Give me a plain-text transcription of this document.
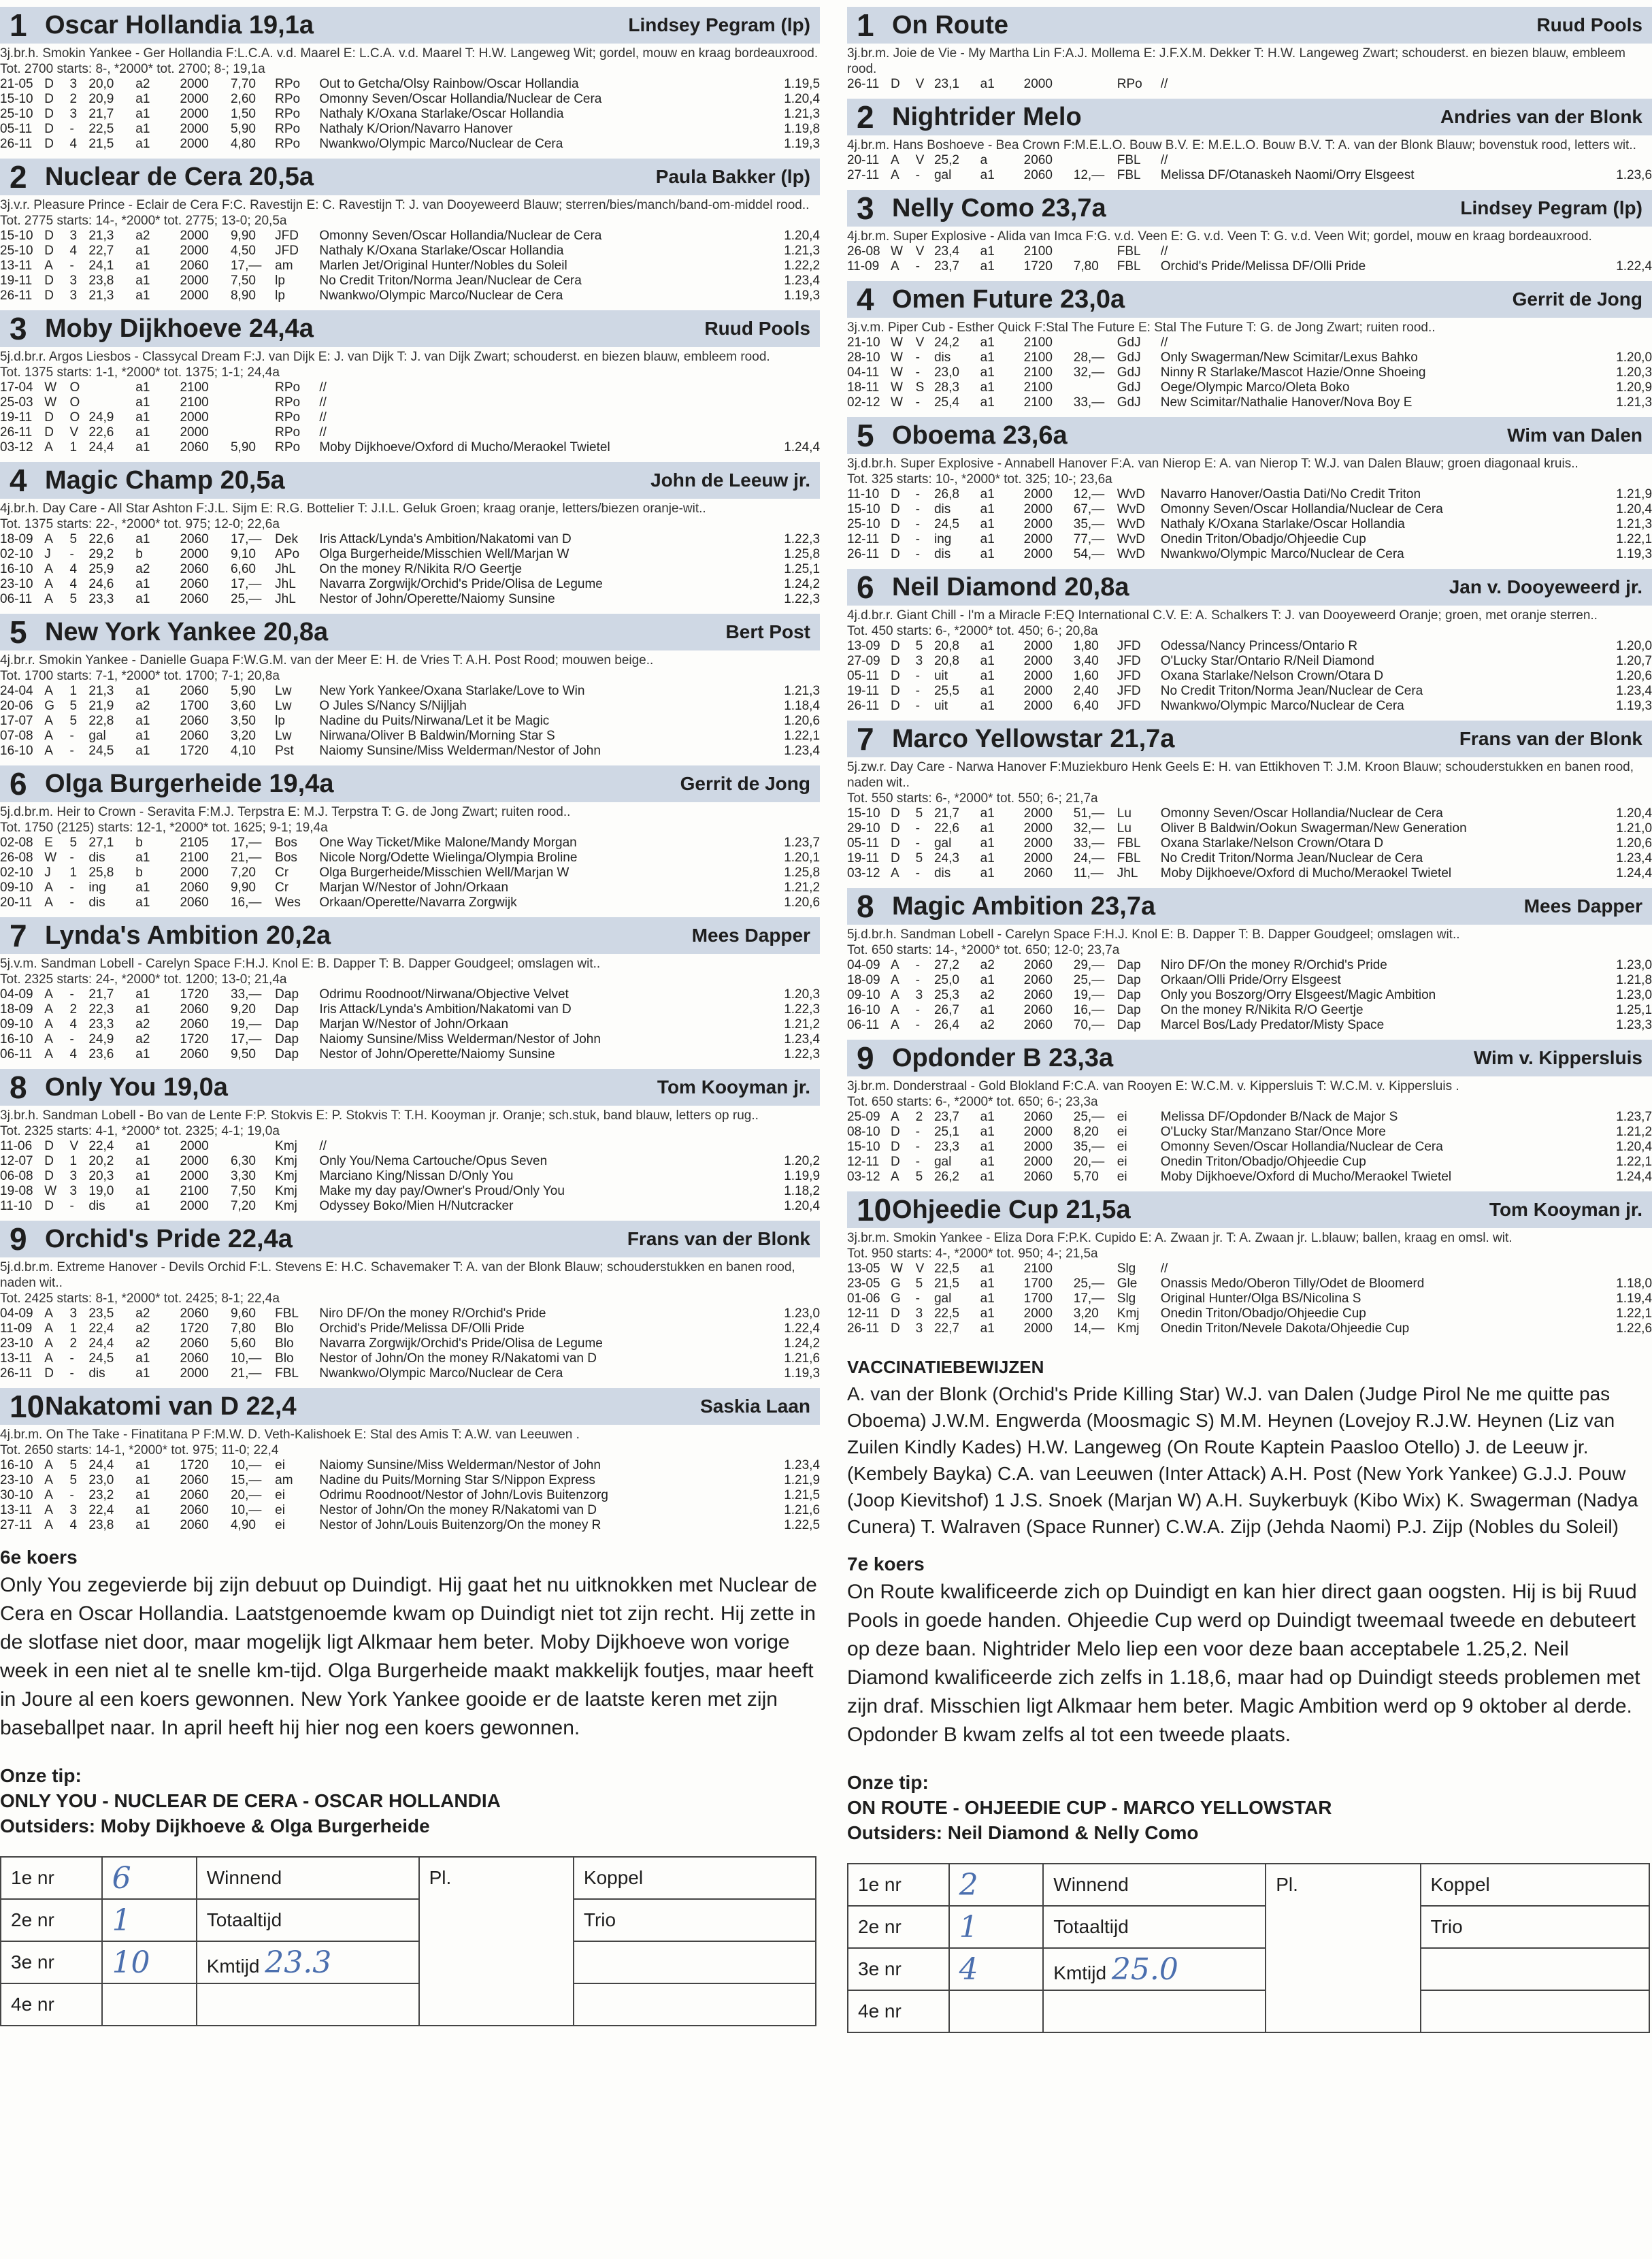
1 Oscar Hollandia 19,1a	Lindsey Pegram (lp)
3j.br.h. Smokin Yankee - Ger Hollandia F:L.C.A. v.d. Maarel E: L.C.A. v.d. Maarel T: H.W. Langeweg Wit; gordel, mouw en kraag bordeauxrood.
Tot. 2700 starts: 8-, *2000* tot. 2700; 8-; 19,1a
21-05 D	3 20,0	a2	2000	7,70	RPo	Out to Getcha/Olsy Rainbow/Oscar Hollandia	1.19,5
15-10 D	2 20,9	a1	2000	2,60	RPo	Omonny Seven/Oscar Hollandia/Nuclear de Cera	1.20,4
25-10 D	3 21,7	a1	2000	1,50	RPo	Nathaly K/Oxana Starlake/Oscar Hollandia	1.21,3
05-11 D	-	22,5	a1	2000	5,90	RPo	Nathaly K/Orion/Navarro Hanover	1.19,8
26-11 D	4 21,5	a1	2000	4,80	RPo	Nwankwo/Olympic Marco/Nuclear de Cera	1.19,3
2 Nuclear de Cera 20,5a	Paula Bakker (lp)
3j.v.r. Pleasure Prince - Eclair de Cera F:C. Ravestijn E: C. Ravestijn T: J. van Dooyeweerd Blauw; sterren/bies/manch/band-om-middel rood..
Tot. 2775 starts: 14-, *2000* tot. 2775; 13-0; 20,5a
15-10 D	3 21,3	a2	2000	9,90	JFD	Omonny Seven/Oscar Hollandia/Nuclear de Cera	1.20,4
25-10 D	4 22,7	a1	2000	4,50	JFD	Nathaly K/Oxana Starlake/Oscar Hollandia	1.21,3
13-11 A	-	24,1	a1	2060	17,—	am	Marlen Jet/Original Hunter/Nobles du Soleil	1.22,2
19-11 D	3 23,8	a1	2000	7,50	lp	No Credit Triton/Norma Jean/Nuclear de Cera	1.23,4
26-11 D	3 21,3	a1	2000	8,90	lp	Nwankwo/Olympic Marco/Nuclear de Cera	1.19,3
3 Moby Dijkhoeve 24,4a	Ruud Pools
5j.d.br.r. Argos Liesbos - Classycal Dream F:J. van Dijk E: J. van Dijk T: J. van Dijk Zwart; schouderst. en biezen blauw, embleem rood.
Tot. 1375 starts: 1-1, *2000* tot. 1375; 1-1; 24,4a
17-04 W	O	a1	2100	RPo	//
25-03 W	O	a1	2100	RPo	//
19-11 D	O 24,9	a1	2000	RPo	//
26-11 D	V 22,6	a1	2000	RPo	//
03-12 A	1 24,4	a1	2060	5,90	RPo	Moby Dijkhoeve/Oxford di Mucho/Meraokel Twietel	1.24,4
4 Magic Champ 20,5a	John de Leeuw jr.
4j.br.h. Day Care - All Star Ashton F:J.L. Sijm E: R.G. Bottelier T: J.I.L. Geluk Groen; kraag oranje, letters/biezen oranje-wit..
Tot. 1375 starts: 22-, *2000* tot. 975; 12-0; 22,6a
18-09 A	5 22,6	a1	2060	17,—	Dek	Iris Attack/Lynda's Ambition/Nakatomi van D	1.22,3
02-10 J	-	29,2	b	2000	9,10	APo	Olga Burgerheide/Misschien Well/Marjan W	1.25,8
16-10 A	4 25,9	a2	2060	6,60	JhL	On the money R/Nikita R/O Geertje	1.25,1
23-10 A	4 24,6	a1	2060	17,—	JhL	Navarra Zorgwijk/Orchid's Pride/Olisa de Legume	1.24,2
06-11 A	5 23,3	a1	2060	25,—	JhL	Nestor of John/Operette/Naiomy Sunsine	1.22,3
5 New York Yankee 20,8a	Bert Post
4j.br.r. Smokin Yankee - Danielle Guapa F:W.G.M. van der Meer E: H. de Vries T: A.H. Post Rood; mouwen beige..
Tot. 1700 starts: 7-1, *2000* tot. 1700; 7-1; 20,8a
24-04 A	1 21,3	a1	2060	5,90	Lw	New York Yankee/Oxana Starlake/Love to Win	1.21,3
20-06 G	5 21,9	a2	1700	3,60	Lw	O Jules S/Nancy S/Nijljah	1.18,4
17-07 A	5 22,8	a1	2060	3,50	lp	Nadine du Puits/Nirwana/Let it be Magic	1.20,6
07-08 A	-	gal	a1	2060	3,20	Lw	Nirwana/Oliver B Baldwin/Morning Star S	1.22,1
16-10 A	-	24,5	a1	1720	4,10	Pst	Naiomy Sunsine/Miss Welderman/Nestor of John	1.23,4
6 Olga Burgerheide 19,4a	Gerrit de Jong
5j.d.br.m. Heir to Crown - Seravita F:M.J. Terpstra E: M.J. Terpstra T: G. de Jong Zwart; ruiten rood..
Tot. 1750 (2125) starts: 12-1, *2000* tot. 1625; 9-1; 19,4a
02-08 E	5 27,1	b	2105	17,—	Bos	One Way Ticket/Mike Malone/Mandy Morgan	1.23,7
26-08 W	-	dis	a1	2100	21,—	Bos	Nicole Norg/Odette Wielinga/Olympia Broline	1.20,1
02-10 J	1 25,8	b	2000	7,20	Cr	Olga Burgerheide/Misschien Well/Marjan W	1.25,8
09-10 A	-	ing	a1	2060	9,90	Cr	Marjan W/Nestor of John/Orkaan	1.21,2
20-11 A	-	dis	a1	2060	16,—	Wes	Orkaan/Operette/Navarra Zorgwijk	1.20,6
7 Lynda's Ambition 20,2a	Mees Dapper
5j.v.m. Sandman Lobell - Carelyn Space F:H.J. Knol E: B. Dapper T: B. Dapper Goudgeel; omslagen wit..
Tot. 2325 starts: 24-, *2000* tot. 1200; 13-0; 21,4a
04-09 A	-	21,7	a1	1720	33,—	Dap	Odrimu Roodnoot/Nirwana/Objective Velvet	1.20,3
18-09 A	2 22,3	a1	2060	9,20	Dap	Iris Attack/Lynda's Ambition/Nakatomi van D	1.22,3
09-10 A	4 23,3	a2	2060	19,—	Dap	Marjan W/Nestor of John/Orkaan	1.21,2
16-10 A	-	24,9	a2	1720	17,—	Dap	Naiomy Sunsine/Miss Welderman/Nestor of John	1.23,4
06-11 A	4 23,6	a1	2060	9,50	Dap	Nestor of John/Operette/Naiomy Sunsine	1.22,3
8 Only You 19,0a	Tom Kooyman jr.
3j.br.h. Sandman Lobell - Bo van de Lente F:P. Stokvis E: P. Stokvis T: T.H. Kooyman jr. Oranje; sch.stuk, band blauw, letters op rug..
Tot. 2325 starts: 4-1, *2000* tot. 2325; 4-1; 19,0a
11-06 D	V 22,4	a1	2000	Kmj	//
12-07 D	1 20,2	a1	2000	6,30	Kmj	Only You/Nema Cartouche/Opus Seven	1.20,2
06-08 D	3 20,3	a1	2000	3,30	Kmj	Marciano King/Nissan D/Only You	1.19,9
19-08 W	3 19,0	a1	2100	7,50	Kmj	Make my day pay/Owner's Proud/Only You	1.18,2
11-10 D	-	dis	a1	2000	7,20	Kmj	Odyssey Boko/Mien H/Nutcracker	1.20,4
9 Orchid's Pride 22,4a	Frans van der Blonk
5j.d.br.m. Extreme Hanover - Devils Orchid F:L. Stevens E: H.C. Schavemaker T: A. van der Blonk Blauw; schouderstukken en banen rood, naden wit..
Tot. 2425 starts: 8-1, *2000* tot. 2425; 8-1; 22,4a
04-09 A	3 23,5	a2	2060	9,60	FBL	Niro DF/On the money R/Orchid's Pride	1.23,0
11-09 A	1 22,4	a2	1720	7,80	Blo	Orchid's Pride/Melissa DF/Olli Pride	1.22,4
23-10 A	2 24,4	a2	2060	5,60	Blo	Navarra Zorgwijk/Orchid's Pride/Olisa de Legume	1.24,2
13-11 A	-	24,5	a1	2060	10,—	Blo	Nestor of John/On the money R/Nakatomi van D	1.21,6
26-11 D	-	dis	a1	2000	21,—	FBL	Nwankwo/Olympic Marco/Nuclear de Cera	1.19,3
10 Nakatomi van D 22,4	Saskia Laan
4j.br.m. On The Take - Finatitana P F:M.W. D. Veth-Kalishoek E: Stal des Amis T: A.W. van Leeuwen .
Tot. 2650 starts: 14-1, *2000* tot. 975; 11-0; 22,4
16-10 A	5 24,4	a1	1720	10,—	ei	Naiomy Sunsine/Miss Welderman/Nestor of John	1.23,4
23-10 A	5 23,0	a1	2060	15,—	am	Nadine du Puits/Morning Star S/Nippon Express	1.21,9
30-10 A	-	23,2	a1	2060	20,—	ei	Odrimu Roodnoot/Nestor of John/Lovis Buitenzorg	1.21,5
13-11 A	3 22,4	a1	2060	10,—	ei	Nestor of John/On the money R/Nakatomi van D	1.21,6
27-11 A	4 23,8	a1	2060	4,90	ei	Nestor of John/Louis Buitenzorg/On the money R	1.22,5
6e koers
Only You zegevierde bij zijn debuut op Duindigt. Hij gaat het nu uitknokken met Nuclear de Cera en Oscar Hollandia. Laatstgenoemde kwam op Duindigt niet tot zijn recht. Hij zette in de slotfase niet door, maar mogelijk ligt Alkmaar hem beter. Moby Dijkhoeve won vorige week in een niet al te snelle km-tijd. Olga Burgerheide maakt makkelijk foutjes, maar heeft in Joure al een koers gewonnen. New York Yankee gooide er de laatste keren met zijn baseballpet naar. In april heeft hij hier nog een koers gewonnen.
Onze tip:
ONLY YOU - NUCLEAR DE CERA - OSCAR HOLLANDIA
Outsiders: Moby Dijkhoeve & Olga Burgerheide
1e nr	6	Winnend	Pl.	Koppel
2e nr	1	Totaaltijd		Trio
3e nr	10	Kmtijd 23.3		
4e nr				
1 On Route	Ruud Pools
3j.br.m. Joie de Vie - My Martha Lin F:A.J. Mollema E: J.F.X.M. Dekker T: H.W. Langeweg Zwart; schouderst. en biezen blauw, embleem rood.
26-11 D	V 23,1	a1	2000	RPo	//
2 Nightrider Melo	Andries van der Blonk
4j.br.m. Hans Boshoeve - Bea Crown F:M.E.L.O. Bouw B.V. E: M.E.L.O. Bouw B.V. T: A. van der Blonk Blauw; bovenstuk rood, letters wit..
20-11 A	V 25,2	a	2060	FBL	//
27-11 A	-	gal	a1	2060	12,— FBL	Melissa DF/Otanaskeh Naomi/Orry Elsgeest	1.23,6
3 Nelly Como 23,7a	Lindsey Pegram (lp)
4j.br.m. Super Explosive - Alida van Imca F:G. v.d. Veen E: G. v.d. Veen T: G. v.d. Veen Wit; gordel, mouw en kraag bordeauxrood.
26-08 W V 23,4	a1	2100	FBL	//
11-09 A	-	23,7	a1	1720	7,80	FBL	Orchid's Pride/Melissa DF/Olli Pride	1.22,4
4 Omen Future 23,0a	Gerrit de Jong
3j.v.m. Piper Cub - Esther Quick F:Stal The Future E: Stal The Future T: G. de Jong Zwart; ruiten rood..
21-10 W V 24,2	a1	2100	GdJ	//
28-10 W -	dis	a1	2100	28,— GdJ	Only Swagerman/New Scimitar/Lexus Bahko	1.20,0
04-11 W -	23,0	a1	2100	32,— GdJ	Ninny R Starlake/Mascot Hazie/Onne Shoeing	1.20,3
18-11 W S 28,3	a1	2100	GdJ	Oege/Olympic Marco/Oleta Boko	1.20,9
02-12 W -	25,4	a1	2100	33,— GdJ	New Scimitar/Nathalie Hanover/Nova Boy E	1.21,3
5 Oboema 23,6a	Wim van Dalen
3j.d.br.h. Super Explosive - Annabell Hanover F:A. van Nierop E: A. van Nierop T: W.J. van Dalen Blauw; groen diagonaal kruis..
Tot. 325 starts: 10-, *2000* tot. 325; 10-; 23,6a
11-10 D	-	26,8	a1	2000	12,— WvD	Navarro Hanover/Oastia Dati/No Credit Triton	1.21,9
15-10 D	-	dis	a1	2000	67,— WvD	Omonny Seven/Oscar Hollandia/Nuclear de Cera	1.20,4
25-10 D	-	24,5	a1	2000	35,— WvD	Nathaly K/Oxana Starlake/Oscar Hollandia	1.21,3
12-11 D	-	ing	a1	2000	77,— WvD	Onedin Triton/Obadjo/Ohjeedie Cup	1.22,1
26-11 D	-	dis	a1	2000	54,— WvD	Nwankwo/Olympic Marco/Nuclear de Cera	1.19,3
6 Neil Diamond 20,8a	Jan v. Dooyeweerd jr.
4j.d.br.r. Giant Chill - I'm a Miracle F:EQ International C.V. E: A. Schalkers T: J. van Dooyeweerd Oranje; groen, met oranje sterren..
Tot. 450 starts: 6-, *2000* tot. 450; 6-; 20,8a
13-09 D	5 20,8	a1	2000	1,80	JFD	Odessa/Nancy Princess/Ontario R	1.20,0
27-09 D	3 20,8	a1	2000	3,40	JFD	O'Lucky Star/Ontario R/Neil Diamond	1.20,7
05-11 D	-	uit	a1	2000	1,60	JFD	Oxana Starlake/Nelson Crown/Otara D	1.20,6
19-11 D	-	25,5	a1	2000	2,40	JFD	No Credit Triton/Norma Jean/Nuclear de Cera	1.23,4
26-11 D	-	uit	a1	2000	6,40	JFD	Nwankwo/Olympic Marco/Nuclear de Cera	1.19,3
7 Marco Yellowstar 21,7a	Frans van der Blonk
5j.zw.r. Day Care - Narwa Hanover F:Muziekburo Henk Geels E: H. van Ettikhoven T: J.M. Kroon Blauw; schouderstukken en banen rood, naden wit..
Tot. 550 starts: 6-, *2000* tot. 550; 6-; 21,7a
15-10 D	5 21,7	a1	2000	51,— Lu	Omonny Seven/Oscar Hollandia/Nuclear de Cera	1.20,4
29-10 D	-	22,6	a1	2000	32,— Lu	Oliver B Baldwin/Ookun Swagerman/New Generation	1.21,0
05-11 D	-	gal	a1	2000	33,— FBL	Oxana Starlake/Nelson Crown/Otara D	1.20,6
19-11 D	5 24,3	a1	2000	24,— FBL	No Credit Triton/Norma Jean/Nuclear de Cera	1.23,4
03-12 A	-	dis	a1	2060	11,—	JhL	Moby Dijkhoeve/Oxford di Mucho/Meraokel Twietel	1.24,4
8 Magic Ambition 23,7a	Mees Dapper
5j.d.br.h. Sandman Lobell - Carelyn Space F:H.J. Knol E: B. Dapper T: B. Dapper Goudgeel; omslagen wit..
Tot. 650 starts: 14-, *2000* tot. 650; 12-0; 23,7a
04-09 A	-	27,2	a2	2060	29,— Dap	Niro DF/On the money R/Orchid's Pride	1.23,0
18-09 A	-	25,0	a1	2060	25,— Dap	Orkaan/Olli Pride/Orry Elsgeest	1.21,8
09-10 A	3 25,3	a2	2060	19,— Dap	Only you Boszorg/Orry Elsgeest/Magic Ambition	1.23,0
16-10 A	-	26,7	a1	2060	16,— Dap	On the money R/Nikita R/O Geertje	1.25,1
06-11 A	-	26,4	a2	2060	70,— Dap	Marcel Bos/Lady Predator/Misty Space	1.23,3
9 Opdonder B 23,3a	Wim v. Kippersluis
3j.br.m. Donderstraal - Gold Blokland F:C.A. van Rooyen E: W.C.M. v. Kippersluis T: W.C.M. v. Kippersluis .
Tot. 650 starts: 6-, *2000* tot. 650; 6-; 23,3a
25-09 A	2 23,7	a1	2060	25,— ei	Melissa DF/Opdonder B/Nack de Major S	1.23,7
08-10 D	-	25,1	a1	2000	8,20	ei	O'Lucky Star/Manzano Star/Once More	1.21,2
15-10 D	-	23,3	a1	2000	35,— ei	Omonny Seven/Oscar Hollandia/Nuclear de Cera	1.20,4
12-11 D	-	gal	a1	2000	20,— ei	Onedin Triton/Obadjo/Ohjeedie Cup	1.22,1
03-12 A	5 26,2	a1	2060	5,70	ei	Moby Dijkhoeve/Oxford di Mucho/Meraokel Twietel	1.24,4
10 Ohjeedie Cup 21,5a	Tom Kooyman jr.
3j.br.m. Smokin Yankee - Eliza Dora F:P.K. Cupido E: A. Zwaan jr. T: A. Zwaan jr. L.blauw; ballen, kraag en omsl. wit.
Tot. 950 starts: 4-, *2000* tot. 950; 4-; 21,5a
13-05 W V 22,5	a1	2100	Slg	//
23-05 G	5 21,5	a1	1700	25,— Gle	Onassis Medo/Oberon Tilly/Odet de Bloomerd	1.18,0
01-06 G	-	gal	a1	1700	17,— Slg	Original Hunter/Olga BS/Nicolina S	1.19,4
12-11 D	3 22,5	a1	2000	3,20	Kmj	Onedin Triton/Obadjo/Ohjeedie Cup	1.22,1
26-11 D	3 22,7	a1	2000	14,— Kmj	Onedin Triton/Nevele Dakota/Ohjeedie Cup	1.22,6
VACCINATIEBEWIJZEN
A. van der Blonk (Orchid's Pride Killing Star) W.J. van Dalen (Judge Pirol Ne me quitte pas Oboema) J.W.M. Engwerda (Moosmagic S) M.M. Heynen (Lovejoy R.J.W. Heynen (Liz van Zuilen Kindly Kades) H.W. Langeweg (On Route Kaptein Paasloo Otello) J. de Leeuw jr. (Kembely Bayka) C.A. van Leeuwen (Inter Attack) A.H. Post (New York Yankee) G.J.J. Pouw (Joop Kievitshof) 1 J.S. Snoek (Marjan W) A.H. Suykerbuyk (Kibo Wix) K. Swagerman (Nadya Cunera) T. Walraven (Space Runner) C.W.A. Zijp (Jehda Naomi) P.J. Zijp (Nobles du Soleil)
7e koers
On Route kwalificeerde zich op Duindigt en kan hier direct gaan oogsten. Hij is bij Ruud Pools in goede handen. Ohjeedie Cup werd op Duindigt tweemaal tweede en debuteert op deze baan. Nightrider Melo liep een voor deze baan acceptabele 1.25,2. Neil Diamond kwalificeerde zich zelfs in 1.18,6, maar had op Duindigt steeds problemen met zijn draf. Misschien ligt Alkmaar hem beter. Magic Ambition werd op 9 oktober al derde. Opdonder B kwam zelfs al tot een tweede plaats.
Onze tip:
ON ROUTE - OHJEEDIE CUP - MARCO YELLOWSTAR
Outsiders: Neil Diamond & Nelly Como
1e nr	2	Winnend	Pl.	Koppel
2e nr	1	Totaaltijd		Trio
3e nr	4	Kmtijd 25.0		
4e nr				
